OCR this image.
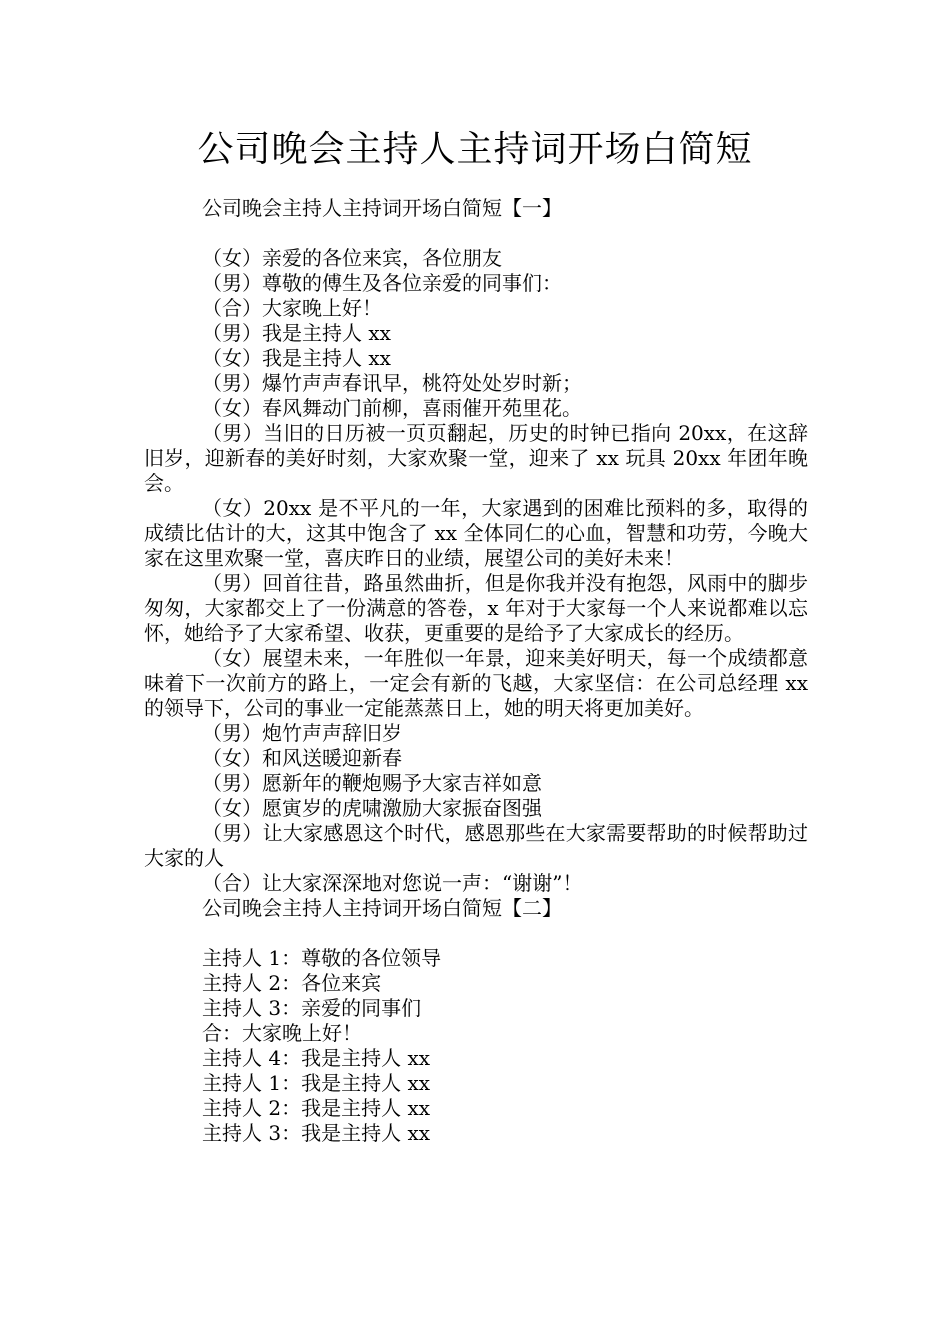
公司晚会主持人主持词开场白简短

公司晚会主持人主持词开场白简短【一】

（女）亲爱的各位来宾，各位朋友

（男）尊敬的傅生及各位亲爱的同事们：

（合）大家晚上好！

（男）我是主持人 xx

（女）我是主持人 xx

（男）爆竹声声春讯早，桃符处处岁时新；

（女）春风舞动门前柳，喜雨催开苑里花。

（男）当旧的日历被一页页翻起，历史的时钟已指向 20xx，在这辞旧岁，迎新春的美好时刻，大家欢聚一堂，迎来了 xx 玩具 20xx 年团年晚会。

（女）20xx 是不平凡的一年，大家遇到的困难比预料的多，取得的成绩比估计的大，这其中饱含了 xx 全体同仁的心血，智慧和功劳，今晚大家在这里欢聚一堂，喜庆昨日的业绩，展望公司的美好未来！

（男）回首往昔，路虽然曲折，但是你我并没有抱怨，风雨中的脚步匆匆，大家都交上了一份满意的答卷，x 年对于大家每一个人来说都难以忘怀，她给予了大家希望、收获，更重要的是给予了大家成长的经历。

（女）展望未来，一年胜似一年景，迎来美好明天，每一个成绩都意味着下一次前方的路上，一定会有新的飞越，大家坚信：在公司总经理 xx 的领导下，公司的事业一定能蒸蒸日上，她的明天将更加美好。

（男）炮竹声声辞旧岁

（女）和风送暖迎新春

（男）愿新年的鞭炮赐予大家吉祥如意

（女）愿寅岁的虎啸激励大家振奋图强

（男）让大家感恩这个时代，感恩那些在大家需要帮助的时候帮助过大家的人

（合）让大家深深地对您说一声：“谢谢”！

公司晚会主持人主持词开场白简短【二】

主持人 1：尊敬的各位领导

主持人 2：各位来宾

主持人 3：亲爱的同事们

合：大家晚上好！

主持人 4：我是主持人 xx

主持人 1：我是主持人 xx

主持人 2：我是主持人 xx

主持人 3：我是主持人 xx
